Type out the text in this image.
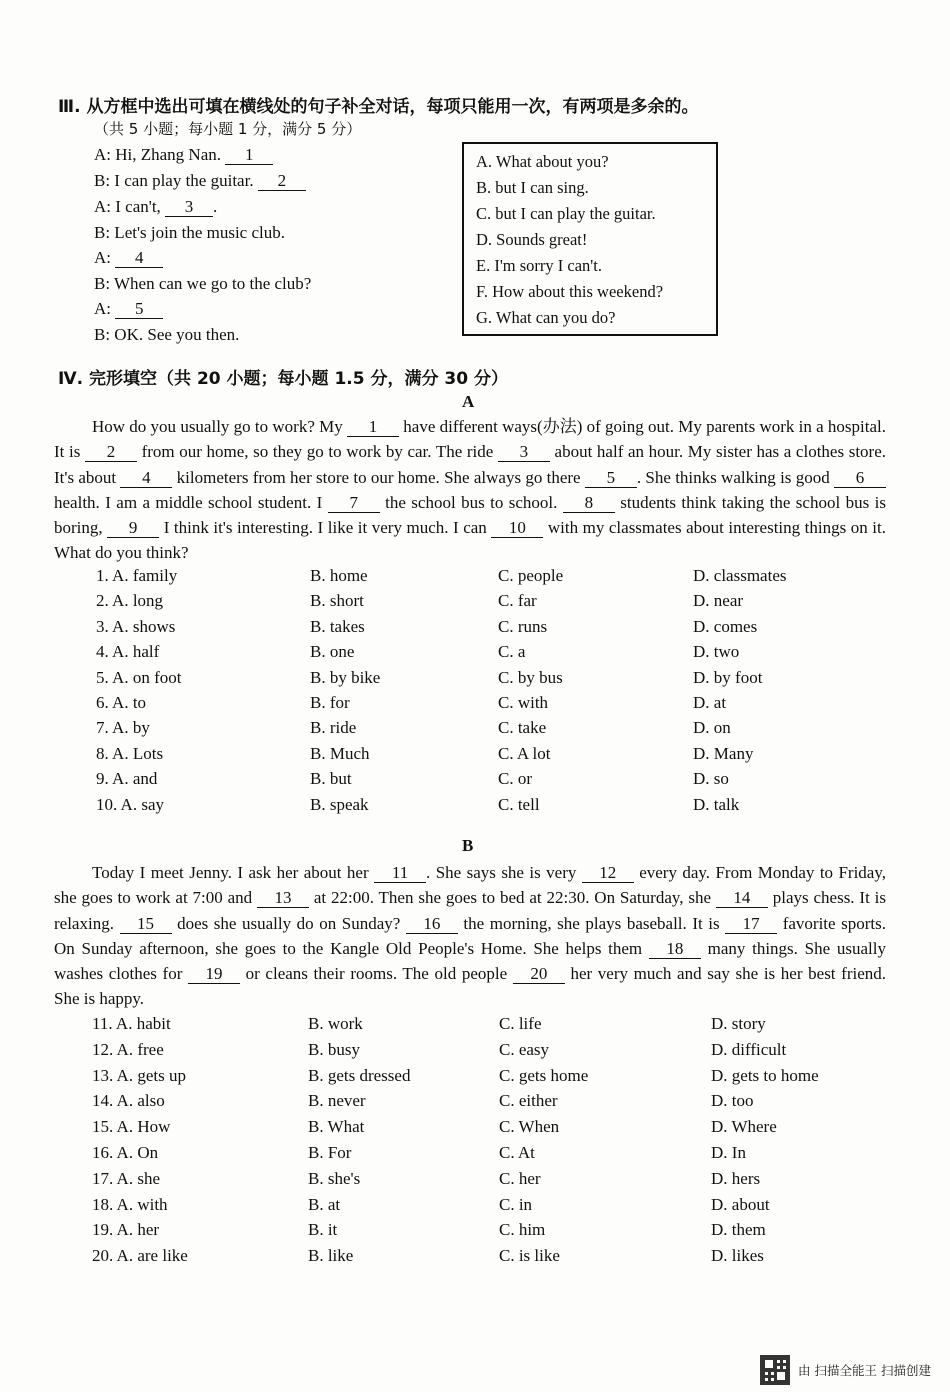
Ⅲ. 从方框中选出可填在横线处的句子补全对话，每项只能用一次，有两项是多余的。
（共 5 小题；每小题 1 分，满分 5 分）
A: Hi, Zhang Nan. 1
B: I can play the guitar. 2
A: I can't, 3 .
B: Let's join the music club.
A: 4
B: When can we go to the club?
A: 5
B: OK. See you then.
A. What about you?
B. but I can sing.
C. but I can play the guitar.
D. Sounds great!
E. I'm sorry I can't.
F. How about this weekend?
G. What can you do?
Ⅳ. 完形填空（共 20 小题；每小题 1.5 分，满分 30 分）
A
How do you usually go to work? My 1 have different ways(办法) of going out. My parents work in a hospital. It is 2 from our home, so they go to work by car. The ride 3 about half an hour. My sister has a clothes store. It's about 4 kilometers from her store to our home. She always go there 5 . She thinks walking is good 6 health. I am a middle school student. I 7 the school bus to school. 8 students think taking the school bus is boring, 9 I think it's interesting. I like it very much. I can 10 with my classmates about interesting things on it. What do you think?
1. A. family	B. home	C. people	D. classmates
2. A. long	B. short	C. far	D. near
3. A. shows	B. takes	C. runs	D. comes
4. A. half	B. one	C. a	D. two
5. A. on foot	B. by bike	C. by bus	D. by foot
6. A. to	B. for	C. with	D. at
7. A. by	B. ride	C. take	D. on
8. A. Lots	B. Much	C. A lot	D. Many
9. A. and	B. but	C. or	D. so
10. A. say	B. speak	C. tell	D. talk
B
Today I meet Jenny. I ask her about her 11 . She says she is very 12 every day. From Monday to Friday, she goes to work at 7:00 and 13 at 22:00. Then she goes to bed at 22:30. On Saturday, she 14 plays chess. It is relaxing. 15 does she usually do on Sunday? 16 the morning, she plays baseball. It is 17 favorite sports. On Sunday afternoon, she goes to the Kangle Old People's Home. She helps them 18 many things. She usually washes clothes for 19 or cleans their rooms. The old people 20 her very much and say she is her best friend. She is happy.
11. A. habit	B. work	C. life	D. story
12. A. free	B. busy	C. easy	D. difficult
13. A. gets up	B. gets dressed	C. gets home	D. gets to home
14. A. also	B. never	C. either	D. too
15. A. How	B. What	C. When	D. Where
16. A. On	B. For	C. At	D. In
17. A. she	B. she's	C. her	D. hers
18. A. with	B. at	C. in	D. about
19. A. her	B. it	C. him	D. them
20. A. are like	B. like	C. is like	D. likes
由 扫描全能王 扫描创建
